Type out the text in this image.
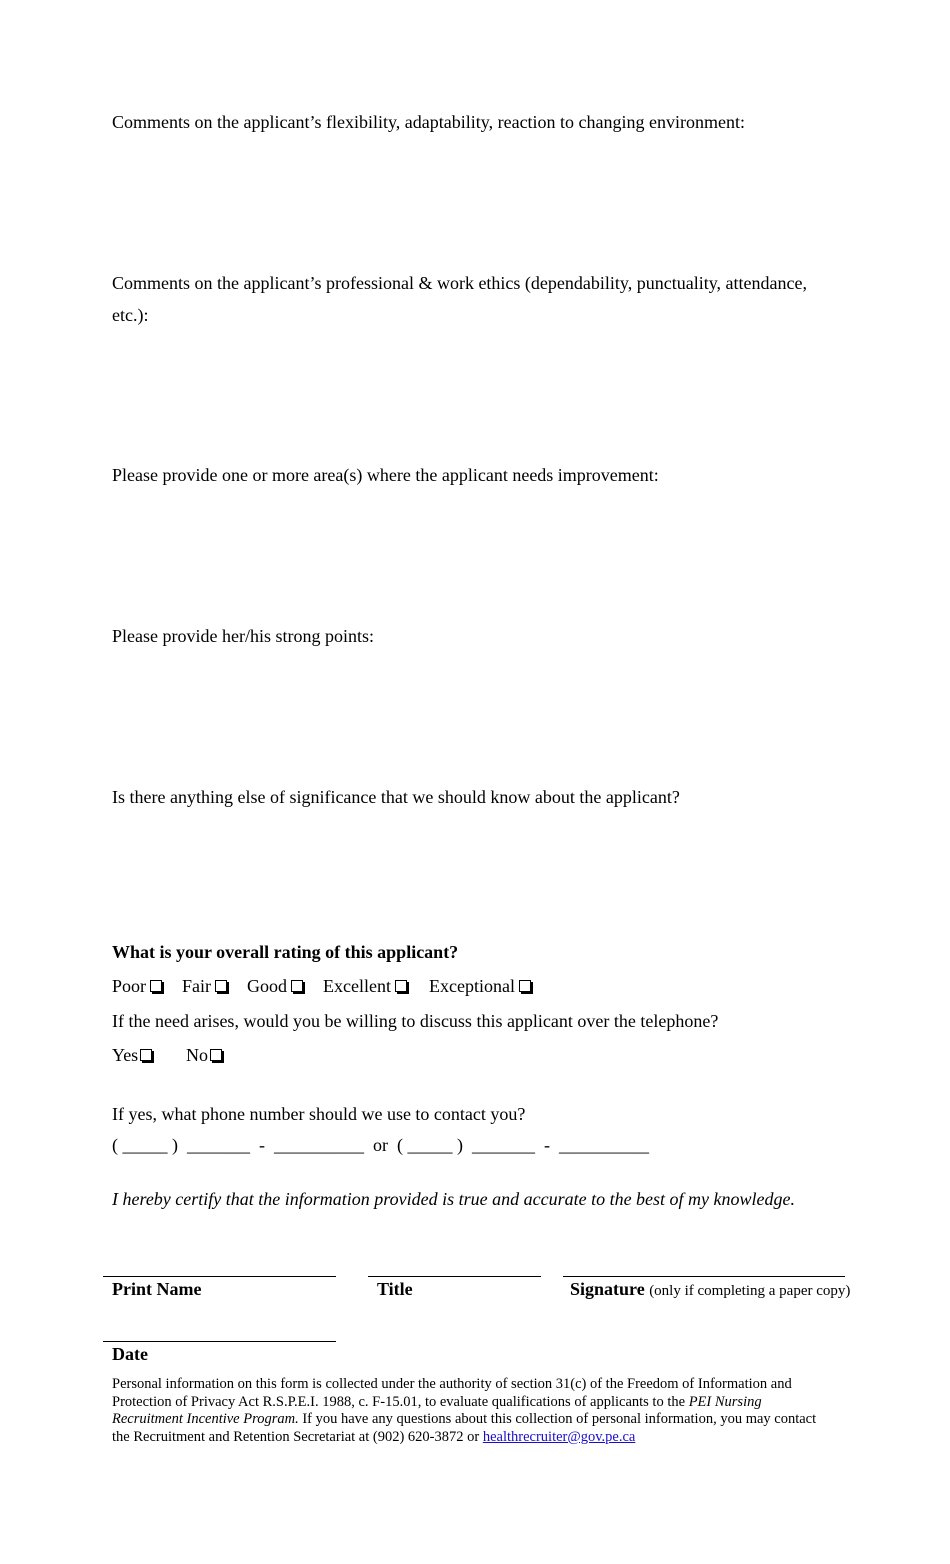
Comments on the applicant’s flexibility, adaptability, reaction to changing environment:
Comments on the applicant’s professional & work ethics (dependability, punctuality, attendance, etc.):
Please provide one or more area(s) where the applicant needs improvement:
Please provide her/his strong points:
Is there anything else of significance that we should know about the applicant?
What is your overall rating of this applicant?
Poor	Fair	Good	Excellent	Exceptional
If the need arises, would you be willing to discuss this applicant over the telephone?
Yes	No
If yes, what phone number should we use to contact you?
( _____ )  _______  -  __________ or ( _____ )  _______  -  __________
I hereby certify that the information provided is true and accurate to the best of my knowledge.
Print Name	Title	Signature (only if completing a paper copy)
Date
Personal information on this form is collected under the authority of section 31(c) of the Freedom of Information and Protection of Privacy Act R.S.P.E.I. 1988, c. F-15.01, to evaluate qualifications of applicants to the PEI Nursing Recruitment Incentive Program. If you have any questions about this collection of personal information, you may contact the Recruitment and Retention Secretariat at (902) 620-3872 or healthrecruiter@gov.pe.ca
